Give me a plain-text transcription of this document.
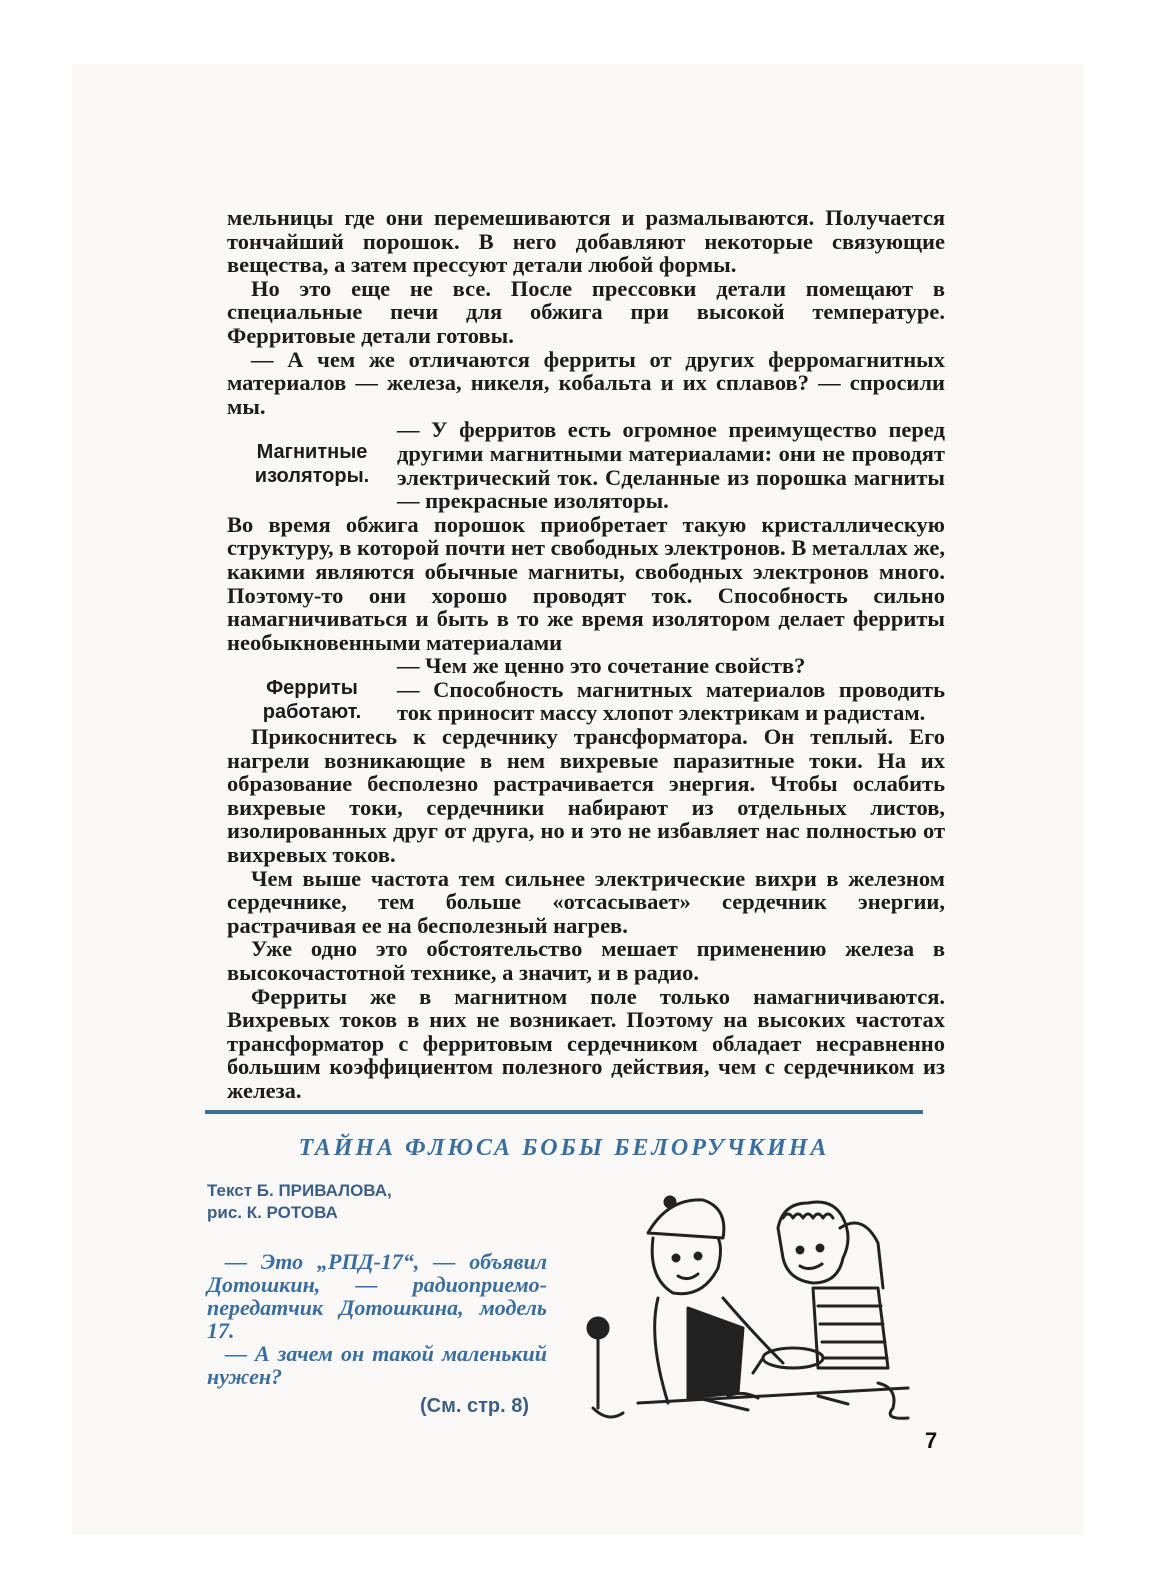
мельницы где они перемешиваются и размалываются. Получается тончайший порошок. В него добавляют некоторые связующие вещества, а затем прессуют детали любой формы.

Но это еще не все. После прессовки детали помещают в специальные печи для обжига при высокой температуре. Ферритовые детали готовы.

— А чем же отличаются ферриты от других ферромагнитных материалов — железа, никеля, кобальта и их сплавов? — спросили мы.

Магнитные
изоляторы.
— У ферритов есть огромное преимущество перед другими магнитными материалами: они не проводят электрический ток. Сделанные из порошка магниты — прекрасные изоляторы.

Во время обжига порошок приобретает такую кристаллическую структуру, в которой почти нет свободных электронов. В металлах же, какими являются обычные магниты, свободных электронов много. Поэтому-то они хорошо проводят ток. Способность сильно намагничиваться и быть в то же время изолятором делает ферриты необыкновенными материалами

Ферриты
работают.
— Чем же ценно это сочетание свойств?
— Способность магнитных материалов проводить ток приносит массу хлопот электрикам и радистам.

Прикоснитесь к сердечнику трансформатора. Он теплый. Его нагрели возникающие в нем вихревые паразитные токи. На их образование бесполезно растрачивается энергия. Чтобы ослабить вихревые токи, сердечники набирают из отдельных листов, изолированных друг от друга, но и это не избавляет нас полностью от вихревых токов.

Чем выше частота тем сильнее электрические вихри в железном сердечнике, тем больше «отсасывает» сердечник энергии, растрачивая ее на бесполезный нагрев.

Уже одно это обстоятельство мешает применению железа в высокочастотной технике, а значит, и в радио.

Ферриты же в магнитном поле только намагничиваются. Вихревых токов в них не возникает. Поэтому на высоких частотах трансформатор с ферритовым сердечником обладает несравненно большим коэффициентом полезного действия, чем с сердечником из железа.

ТАЙНА ФЛЮСА БОБЫ БЕЛОРУЧКИНА
Текст Б. ПРИВАЛОВА,
рис. К. РОТОВА

— Это „РПД-17“, — объявил Дотошкин, — радиоприемо-передатчик Дотошкина, модель 17.

— А зачем он такой маленький нужен?

(См. стр. 8)
7
